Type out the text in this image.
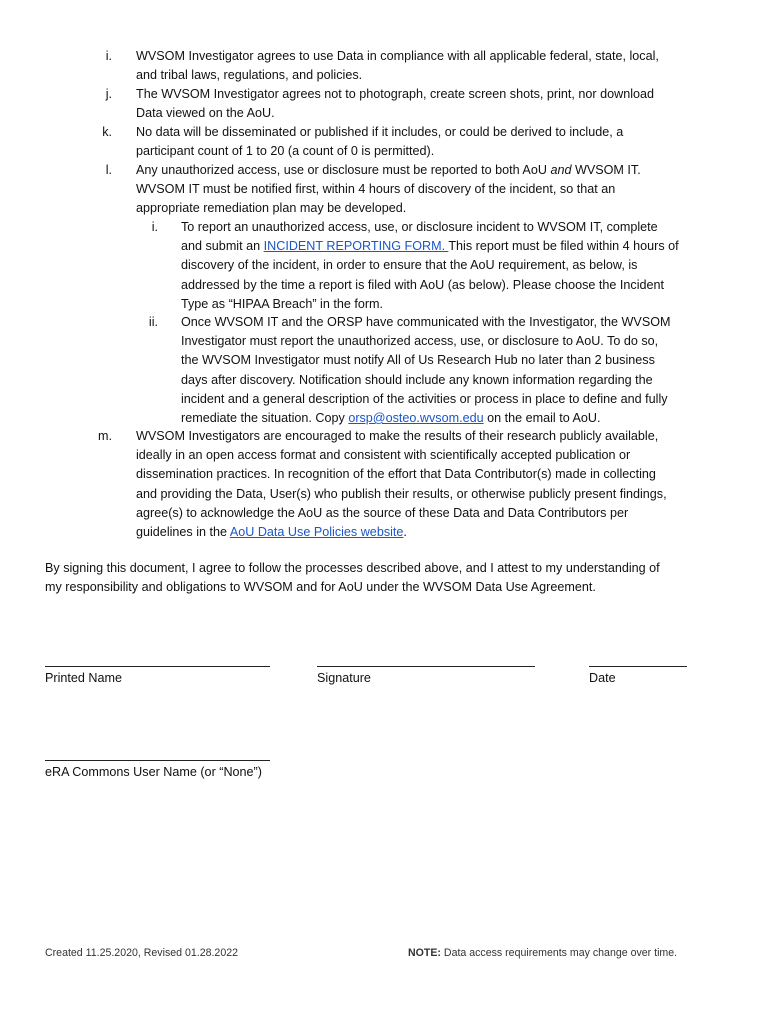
i. WVSOM Investigator agrees to use Data in compliance with all applicable federal, state, local,
and tribal laws, regulations, and policies.
j. The WVSOM Investigator agrees not to photograph, create screen shots, print, nor download
Data viewed on the AoU.
k. No data will be disseminated or published if it includes, or could be derived to include, a
participant count of 1 to 20 (a count of 0 is permitted).
l. Any unauthorized access, use or disclosure must be reported to both AoU and WVSOM IT.
WVSOM IT must be notified first, within 4 hours of discovery of the incident, so that an
appropriate remediation plan may be developed.
i. To report an unauthorized access, use, or disclosure incident to WVSOM IT, complete
and submit an INCIDENT REPORTING FORM. This report must be filed within 4 hours of
discovery of the incident, in order to ensure that the AoU requirement, as below, is
addressed by the time a report is filed with AoU (as below). Please choose the Incident
Type as “HIPAA Breach” in the form.
ii. Once WVSOM IT and the ORSP have communicated with the Investigator, the WVSOM
Investigator must report the unauthorized access, use, or disclosure to AoU. To do so,
the WVSOM Investigator must notify All of Us Research Hub no later than 2 business
days after discovery. Notification should include any known information regarding the
incident and a general description of the activities or process in place to define and fully
remediate the situation. Copy orsp@osteo.wvsom.edu on the email to AoU.
m. WVSOM Investigators are encouraged to make the results of their research publicly available,
ideally in an open access format and consistent with scientifically accepted publication or
dissemination practices. In recognition of the effort that Data Contributor(s) made in collecting
and providing the Data, User(s) who publish their results, or otherwise publicly present findings,
agree(s) to acknowledge the AoU as the source of these Data and Data Contributors per
guidelines in the AoU Data Use Policies website.
By signing this document, I agree to follow the processes described above, and I attest to my understanding of
my responsibility and obligations to WVSOM and for AoU under the WVSOM Data Use Agreement.
Printed Name	Signature	Date
eRA Commons User Name (or “None”)
Created 11.25.2020, Revised 01.28.2022	NOTE: Data access requirements may change over time.
